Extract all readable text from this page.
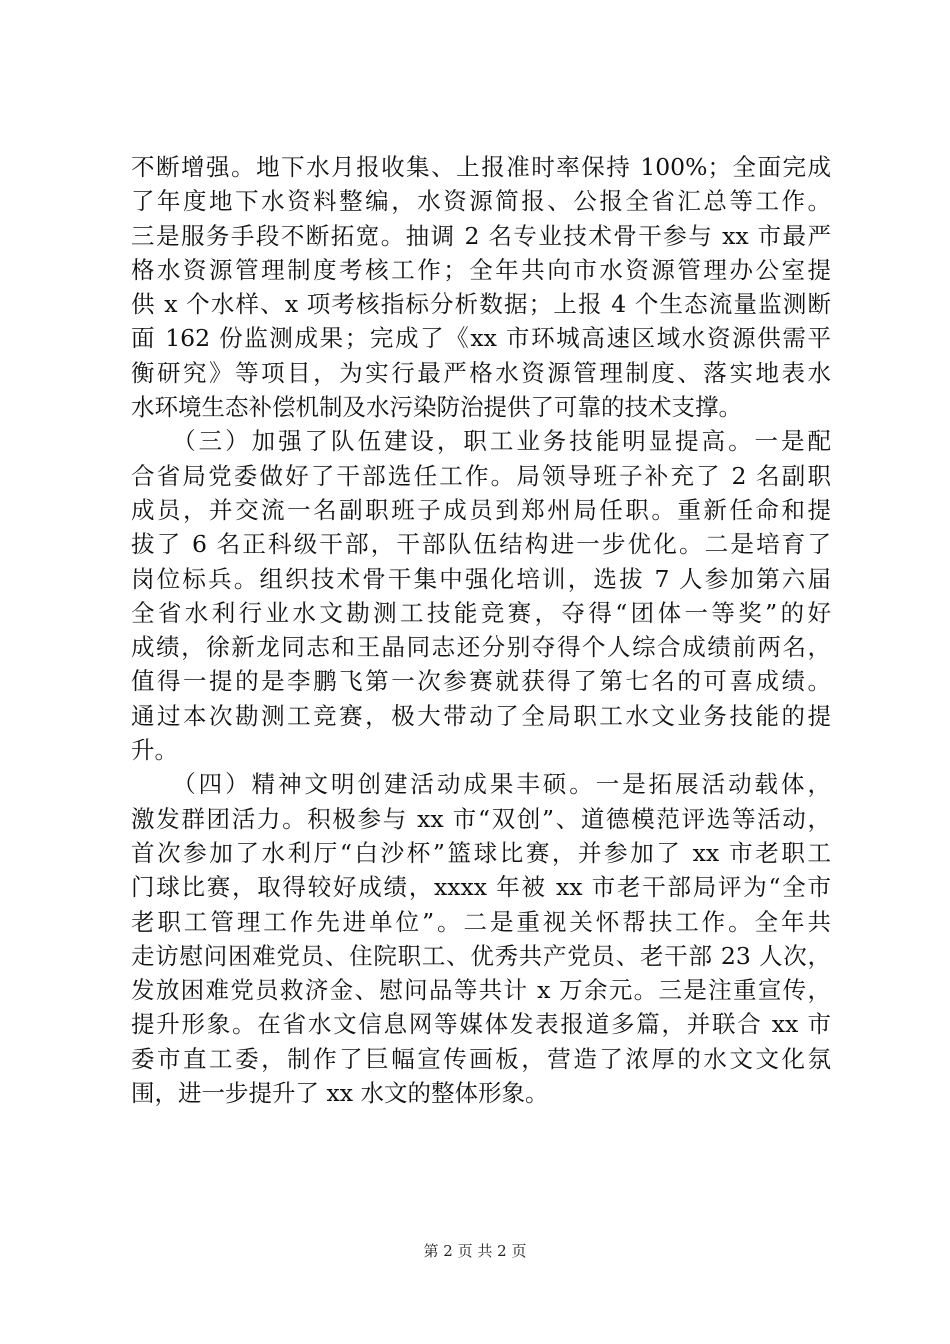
不断增强。地下水月报收集、上报准时率保持 100%；全面完成
了年度地下水资料整编，水资源简报、公报全省汇总等工作。
三是服务手段不断拓宽。抽调 2 名专业技术骨干参与 xx 市最严
格水资源管理制度考核工作；全年共向市水资源管理办公室提
供 x 个水样、x 项考核指标分析数据；上报 4 个生态流量监测断
面 162 份监测成果；完成了《xx 市环城高速区域水资源供需平
衡研究》等项目，为实行最严格水资源管理制度、落实地表水
水环境生态补偿机制及水污染防治提供了可靠的技术支撑。
　　（三）加强了队伍建设，职工业务技能明显提高。一是配
合省局党委做好了干部选任工作。局领导班子补充了 2 名副职
成员，并交流一名副职班子成员到郑州局任职。重新任命和提
拔了 6 名正科级干部，干部队伍结构进一步优化。二是培育了
岗位标兵。组织技术骨干集中强化培训，选拔 7 人参加第六届
全省水利行业水文勘测工技能竞赛，夺得“团体一等奖”的好
成绩，徐新龙同志和王晶同志还分别夺得个人综合成绩前两名，
值得一提的是李鹏飞第一次参赛就获得了第七名的可喜成绩。
通过本次勘测工竞赛，极大带动了全局职工水文业务技能的提
升。
　　（四）精神文明创建活动成果丰硕。一是拓展活动载体，
激发群团活力。积极参与 xx 市“双创”、道德模范评选等活动，
首次参加了水利厅“白沙杯”篮球比赛，并参加了 xx 市老职工
门球比赛，取得较好成绩，xxxx 年被 xx 市老干部局评为“全市
老职工管理工作先进单位”。二是重视关怀帮扶工作。全年共
走访慰问困难党员、住院职工、优秀共产党员、老干部 23 人次，
发放困难党员救济金、慰问品等共计 x 万余元。三是注重宣传，
提升形象。在省水文信息网等媒体发表报道多篇，并联合 xx 市
委市直工委，制作了巨幅宣传画板，营造了浓厚的水文文化氛
围，进一步提升了 xx 水文的整体形象。
第 2 页 共 2 页
